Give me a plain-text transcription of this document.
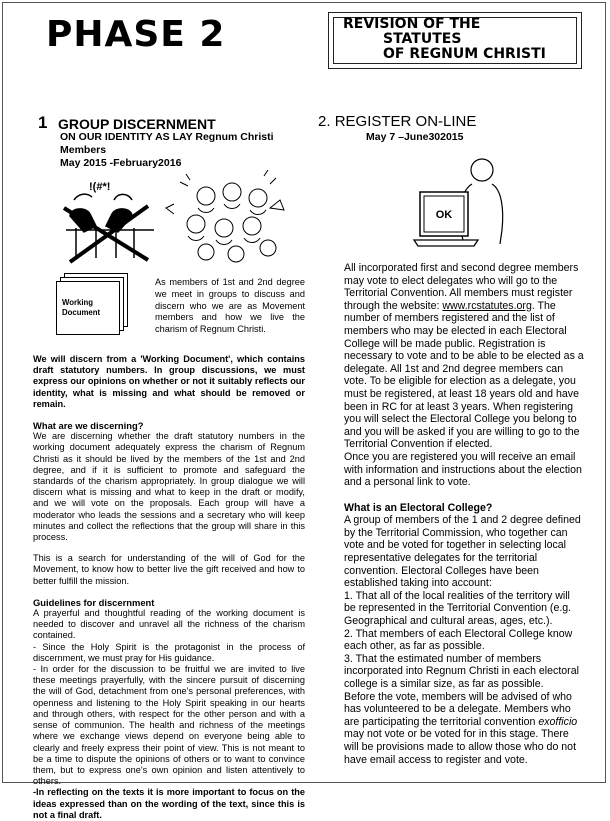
PHASE 2	REVISION OF THE
STATUTES
OF REGNUM CHRISTI
1 GROUP DISCERNMENT
ON OUR IDENTITY AS LAY Regnum Christi Members
May 2015 -February2016
!(#*!
Working Document
As members of 1st and 2nd degree we meet in groups to discuss and discern who we are as Movement members and how we live the charism of Regnum Christi.

We will discern from a 'Working Document', which contains draft statutory numbers. In group discussions, we must express our opinions on whether or not it suitably reflects our identity, what is missing and what should be removed or remain.

What are we discerning?

We are discerning whether the draft statutory numbers in the working document adequately express the charism of Regnum Christi as it should be lived by the members of the 1st and 2nd degree, and if it is sufficient to promote and safeguard the standards of the charism appropriately. In group dialogue we will discern what is missing and what to keep in the draft or modify, and we will vote on the proposals. Each group will have a moderator who leads the sessions and a secretary who will keep minutes and collect the reflections that the group will share in this process.

This is a search for understanding of the will of God for the Movement, to know how to better live the gift received and how to better fulfill the mission.

Guidelines for discernment
A prayerful and thoughtful reading of the working document is needed to discover and unravel all the richness of the charism contained.
- Since the Holy Spirit is the protagonist in the process of discernment, we must pray for His guidance.
- In order for the discussion to be fruitful we are invited to live these meetings prayerfully, with the sincere pursuit of discerning the will of God, detachment from one's personal preferences, with openness and listening to the Holy Spirit speaking in our hearts and through others, with respect for the other person and with a sense of communion. The health and richness of the meetings where we exchange views depend on everyone being able to clearly and freely express their point of view. This is not meant to be a time to dispute the opinions of others or to want to convince them, but to express one's own opinion and listen attentively to others.
-In reflecting on the texts it is more important to focus on the ideas expressed than on the wording of the text, since this is not a final draft.
2. REGISTER ON-LINE
May 7 –June302015
OK

All incorporated first and second degree members may vote to elect delegates who will go to the Territorial Convention. All members must register through the website: www.rcstatutes.org. The number of members registered and the list of members who may be elected in each Electoral College will be made public. Registration is necessary to vote and to be able to be elected as a delegate. All 1st and 2nd degree members can vote. To be eligible for election as a delegate, you must be registered, at least 18 years old and have been in RC for at least 3 years. When registering you will select the Electoral College you belong to and you will be asked if you are willing to go to the Territorial Convention if elected.

Once you are registered you will receive an email with information and instructions about the election and a personal link to vote.

What is an Electoral College?

A group of members of the 1 and 2 degree defined by the Territorial Commission, who together can vote and be voted for together in selecting local representative delegates for the territorial convention. Electoral Colleges have been established taking into account:

1. That all of the local realities of the territory will be represented in the Territorial Convention (e.g. Geographical and cultural areas, ages, etc.).

2. That members of each Electoral College know each other, as far as possible.

3. That the estimated number of members incorporated into Regnum Christi in each electoral college is a similar size, as far as possible.

Before the vote, members will be advised of who has volunteered to be a delegate. Members who are participating the territorial convention exofficio may not vote or be voted for in this stage. There will be provisions made to allow those who do not have email access to register and vote.
